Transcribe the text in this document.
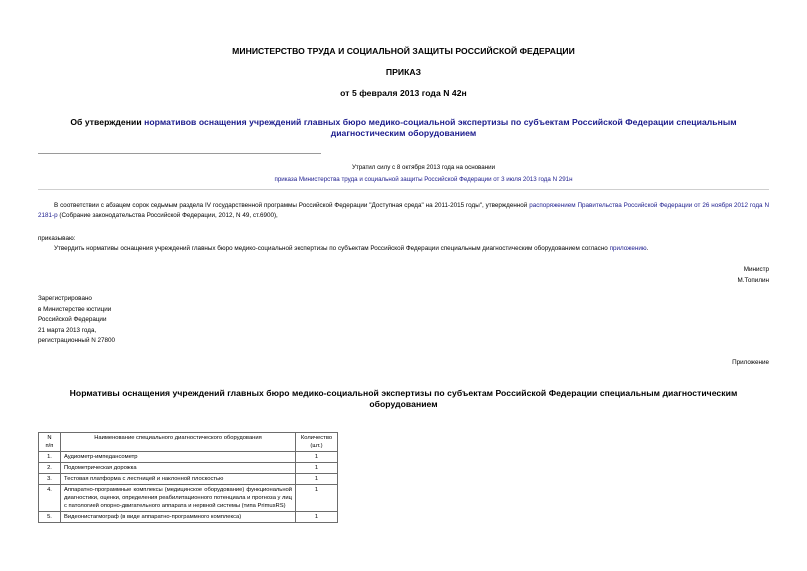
МИНИСТЕРСТВО ТРУДА И СОЦИАЛЬНОЙ ЗАЩИТЫ РОССИЙСКОЙ ФЕДЕРАЦИИ
ПРИКАЗ
от 5 февраля 2013 года N 42н
Об утверждении нормативов оснащения учреждений главных бюро медико-социальной экспертизы по субъектам Российской Федерации специальным диагностическим оборудованием
Утратил силу с 8 октября 2013 года на основании
приказа Министерства труда и социальной защиты Российской Федерации от 3 июля 2013 года N 291н
В соответствии с абзацем сорок седьмым раздела IV государственной программы Российской Федерации "Доступная среда" на 2011-2015 годы", утвержденной распоряжением Правительства Российской Федерации от 26 ноября 2012 года N 2181-р (Собрание законодательства Российской Федерации, 2012, N 49, ст.6900),
приказываю:
Утвердить нормативы оснащения учреждений главных бюро медико-социальной экспертизы по субъектам Российской Федерации специальным диагностическим оборудованием согласно приложению.
Министр
М.Топилин
Зарегистрировано
в Министерстве юстиции
Российской Федерации
21 марта 2013 года,
регистрационный N 27800
Приложение
Нормативы оснащения учреждений главных бюро медико-социальной экспертизы по субъектам Российской Федерации специальным диагностическим оборудованием
N
п/п	Наименование специального диагностического оборудования	Количество
(шт.)
1.	Аудиометр-импедансометр	1
2.	Подометрическая дорожка	1
3.	Тестовая платформа с лестницей и наклонной плоскостью	1
4.	Аппаратно-программные комплексы (медицинское оборудование) функциональной диагностики, оценки, определения реабилитационного потенциала и прогноза у лиц с патологией опорно-двигательного аппарата и нервной системы (типа PrimusRS)	1
5.	Видеонистагмограф (в виде аппаратно-программного комплекса)	1
